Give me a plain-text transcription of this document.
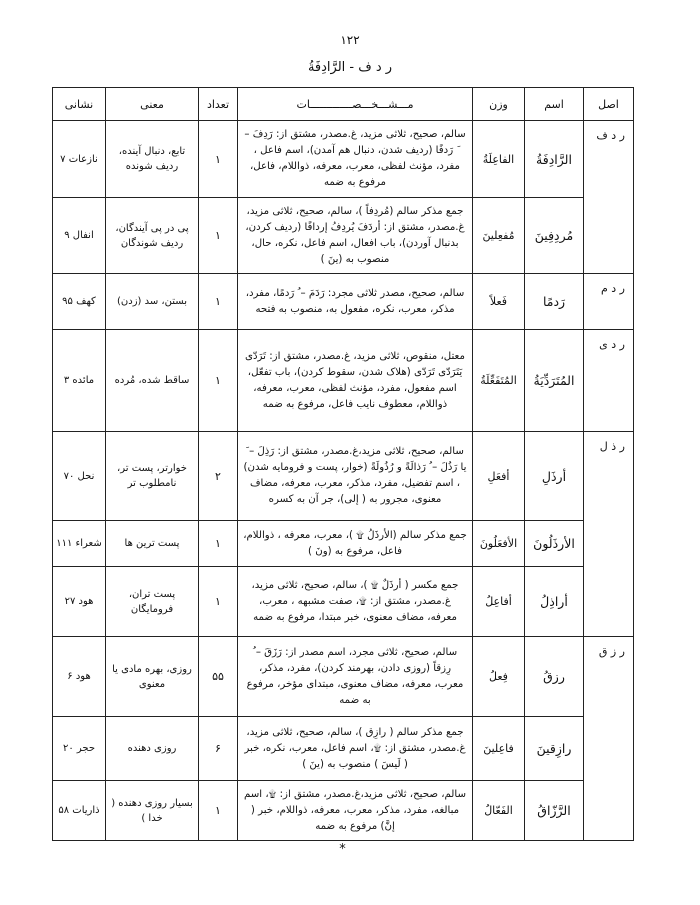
۱۲۲
ر د ف - الرَّادِفَةُ
اصل	اسم	وزن	مـــشـــخـــصـــــــــــــات	تعداد	معنی	نشانی
ر د ف	الرَّادِفَةُ	الفاعِلَةُ	سالم، صحیح، ثلاثی مزید، غ.مصدر، مشتق از: رَدِفَ – َ رَدفًا (ردیف شدن، دنبال هم آمدن)، اسم فاعل ، مفرد، مؤنث لفظی، معرب، معرفه، ذواللام، فاعل، مرفوع به ضمه	۱	تابع، دنبال آینده، ردیف شونده	نازعات ۷
	مُردِفِینَ	مُفعِلینَ	جمع مذکر سالم (مُردِفاً )، سالم، صحیح، ثلاثی مزید، غ.مصدر، مشتق از: أردَفَ یُردِفُ إردافًا (ردیف کردن، بدنبال آوردن)، باب افعال، اسم فاعل، نکره، حال، منصوب به (ینَ )	۱	پی در پی آیندگان، ردیف شوندگان	انفال ۹
ر د م	رَدمًا	فَعلاً	سالم، صحیح، مصدر ثلاثی مجرد: رَدَمَ – ُ رَدمًا، مفرد، مذکر، معرب، نکره، مفعول به، منصوب به فتحه	۱	بستن، سد (زدن)	کهف ۹۵
ر د ی	المُتَرَدِّیَةُ	المُتَفَعِّلَةُ	معتل، منقوص، ثلاثی مزید، غ.مصدر، مشتق از: تَرَدّی یَتَرَدّی تَرَدّی (هلاک شدن، سقوط کردن)، باب تفعّل، اسم مفعول، مفرد، مؤنث لفظی، معرب، معرفه، ذواللام، معطوف نایب فاعل، مرفوع به ضمه	۱	ساقط شده، مُرده	مائده ۳
ر ذ ل	أرذَلِ	أفعَلِ	سالم، صحیح، ثلاثی مزید،غ.مصدر، مشتق از: رَذِلَ – َ یا رَذُلَ – ُ رَذالَةً و رُذُولَةً (خوار، پست و فرومایه شدن) ، اسم تفضیل، مفرد، مذکر، معرب، معرفه، مضاف معنوی، مجرور به ( إلی)، جر آن به کسره	۲	خوارتر، پست تر، نامطلوب تر	نحل ۷۰
	الأرذَلُونَ	الأفعَلُونَ	جمع مذکر سالم (الأرذَلُ ۩ )، معرب، معرفه ، ذواللام، فاعل، مرفوع به (ونَ )	۱	پست ترین ها	شعراء ۱۱۱
	أراذِلُ	أفاعِلُ	جمع مکسر ( أرذَلٌ ۩ )، سالم، صحیح، ثلاثی مزید، غ.مصدر، مشتق از: ۩، صفت مشبهه ، معرب، معرفه، مضاف معنوی، خبر مبتدا، مرفوع به ضمه	۱	پست تران، فرومایگان	هود ۲۷
ر ز ق	رزقُ	فِعلُ	سالم، صحیح، ثلاثی مجرد، اسم مصدر از: رَزَقَ – ُ رِزقاً (روزی دادن، بهرمند کردن)، مفرد، مذکر، معرب، معرفه، مضاف معنوی، مبتدای مؤخر، مرفوع به ضمه	۵۵	روزی، بهره مادی یا معنوی	هود ۶
	رازِقینَ	فاعِلینَ	جمع مذکر سالم ( رازِق )، سالم، صحیح، ثلاثی مزید، غ.مصدر، مشتق از: ۩، اسم فاعل، معرب، نکره، خبر ( لَیسَ ) منصوب به (ینَ )	۶	روزی دهنده	حجر ۲۰
	الرَّزّاقُ	الفَعّالُ	سالم، صحیح، ثلاثی مزید،غ.مصدر، مشتق از: ۩، اسم مبالغه، مفرد، مذکر، معرب، معرفه، ذواللام، خبر ( إنَّ) مرفوع به ضمه	۱	بسیار روزی دهنده ( خدا )	ذاریات ۵۸
*
